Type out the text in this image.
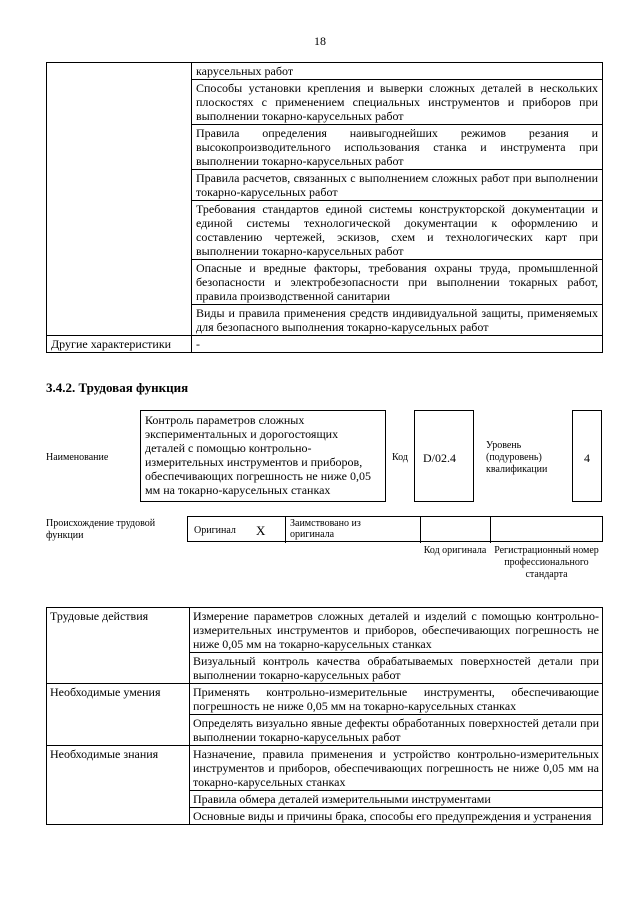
18
	карусельных работ
	Способы установки крепления и выверки сложных деталей в нескольких плоскостях с применением специальных инструментов и приборов при выполнении токарно-карусельных работ
	Правила определения наивыгоднейших режимов резания и высокопроизводительного использования станка и инструмента при выполнении токарно-карусельных работ
	Правила расчетов, связанных с выполнением сложных работ при выполнении токарно-карусельных работ
	Требования стандартов единой системы конструкторской документации и единой системы технологической документации к оформлению и составлению чертежей, эскизов, схем и технологических карт при выполнении токарно-карусельных работ
	Опасные и вредные факторы, требования охраны труда, промышленной безопасности и электробезопасности при выполнении токарных работ, правила производственной санитарии
	Виды и правила применения средств индивидуальной защиты, применяемых для безопасного выполнения токарно-карусельных работ
Другие характеристики	-
3.4.2. Трудовая функция
Наименование
Контроль параметров сложных экспериментальных и дорогостоящих деталей с помощью контрольно-измерительных инструментов и приборов, обеспечивающих погрешность не ниже 0,05 мм на токарно-карусельных станках
Код	D/02.4
Уровень (подуровень) квалификации
4
Происхождение трудовой функции	Оригинал X Заимствовано из оригинала
Код оригинала Регистрационный номер профессионального стандарта
Трудовые действия	Измерение параметров сложных деталей и изделий с помощью контрольно-измерительных инструментов и приборов, обеспечивающих погрешность не ниже 0,05 мм на токарно-карусельных станках
	Визуальный контроль качества обрабатываемых поверхностей детали при выполнении токарно-карусельных работ
Необходимые умения	Применять контрольно-измерительные инструменты, обеспечивающие погрешность не ниже 0,05 мм на токарно-карусельных станках
	Определять визуально явные дефекты обработанных поверхностей детали при выполнении токарно-карусельных работ
Необходимые знания	Назначение, правила применения и устройство контрольно-измерительных инструментов и приборов, обеспечивающих погрешность не ниже 0,05 мм на токарно-карусельных станках
	Правила обмера деталей измерительными инструментами
	Основные виды и причины брака, способы его предупреждения и устранения
